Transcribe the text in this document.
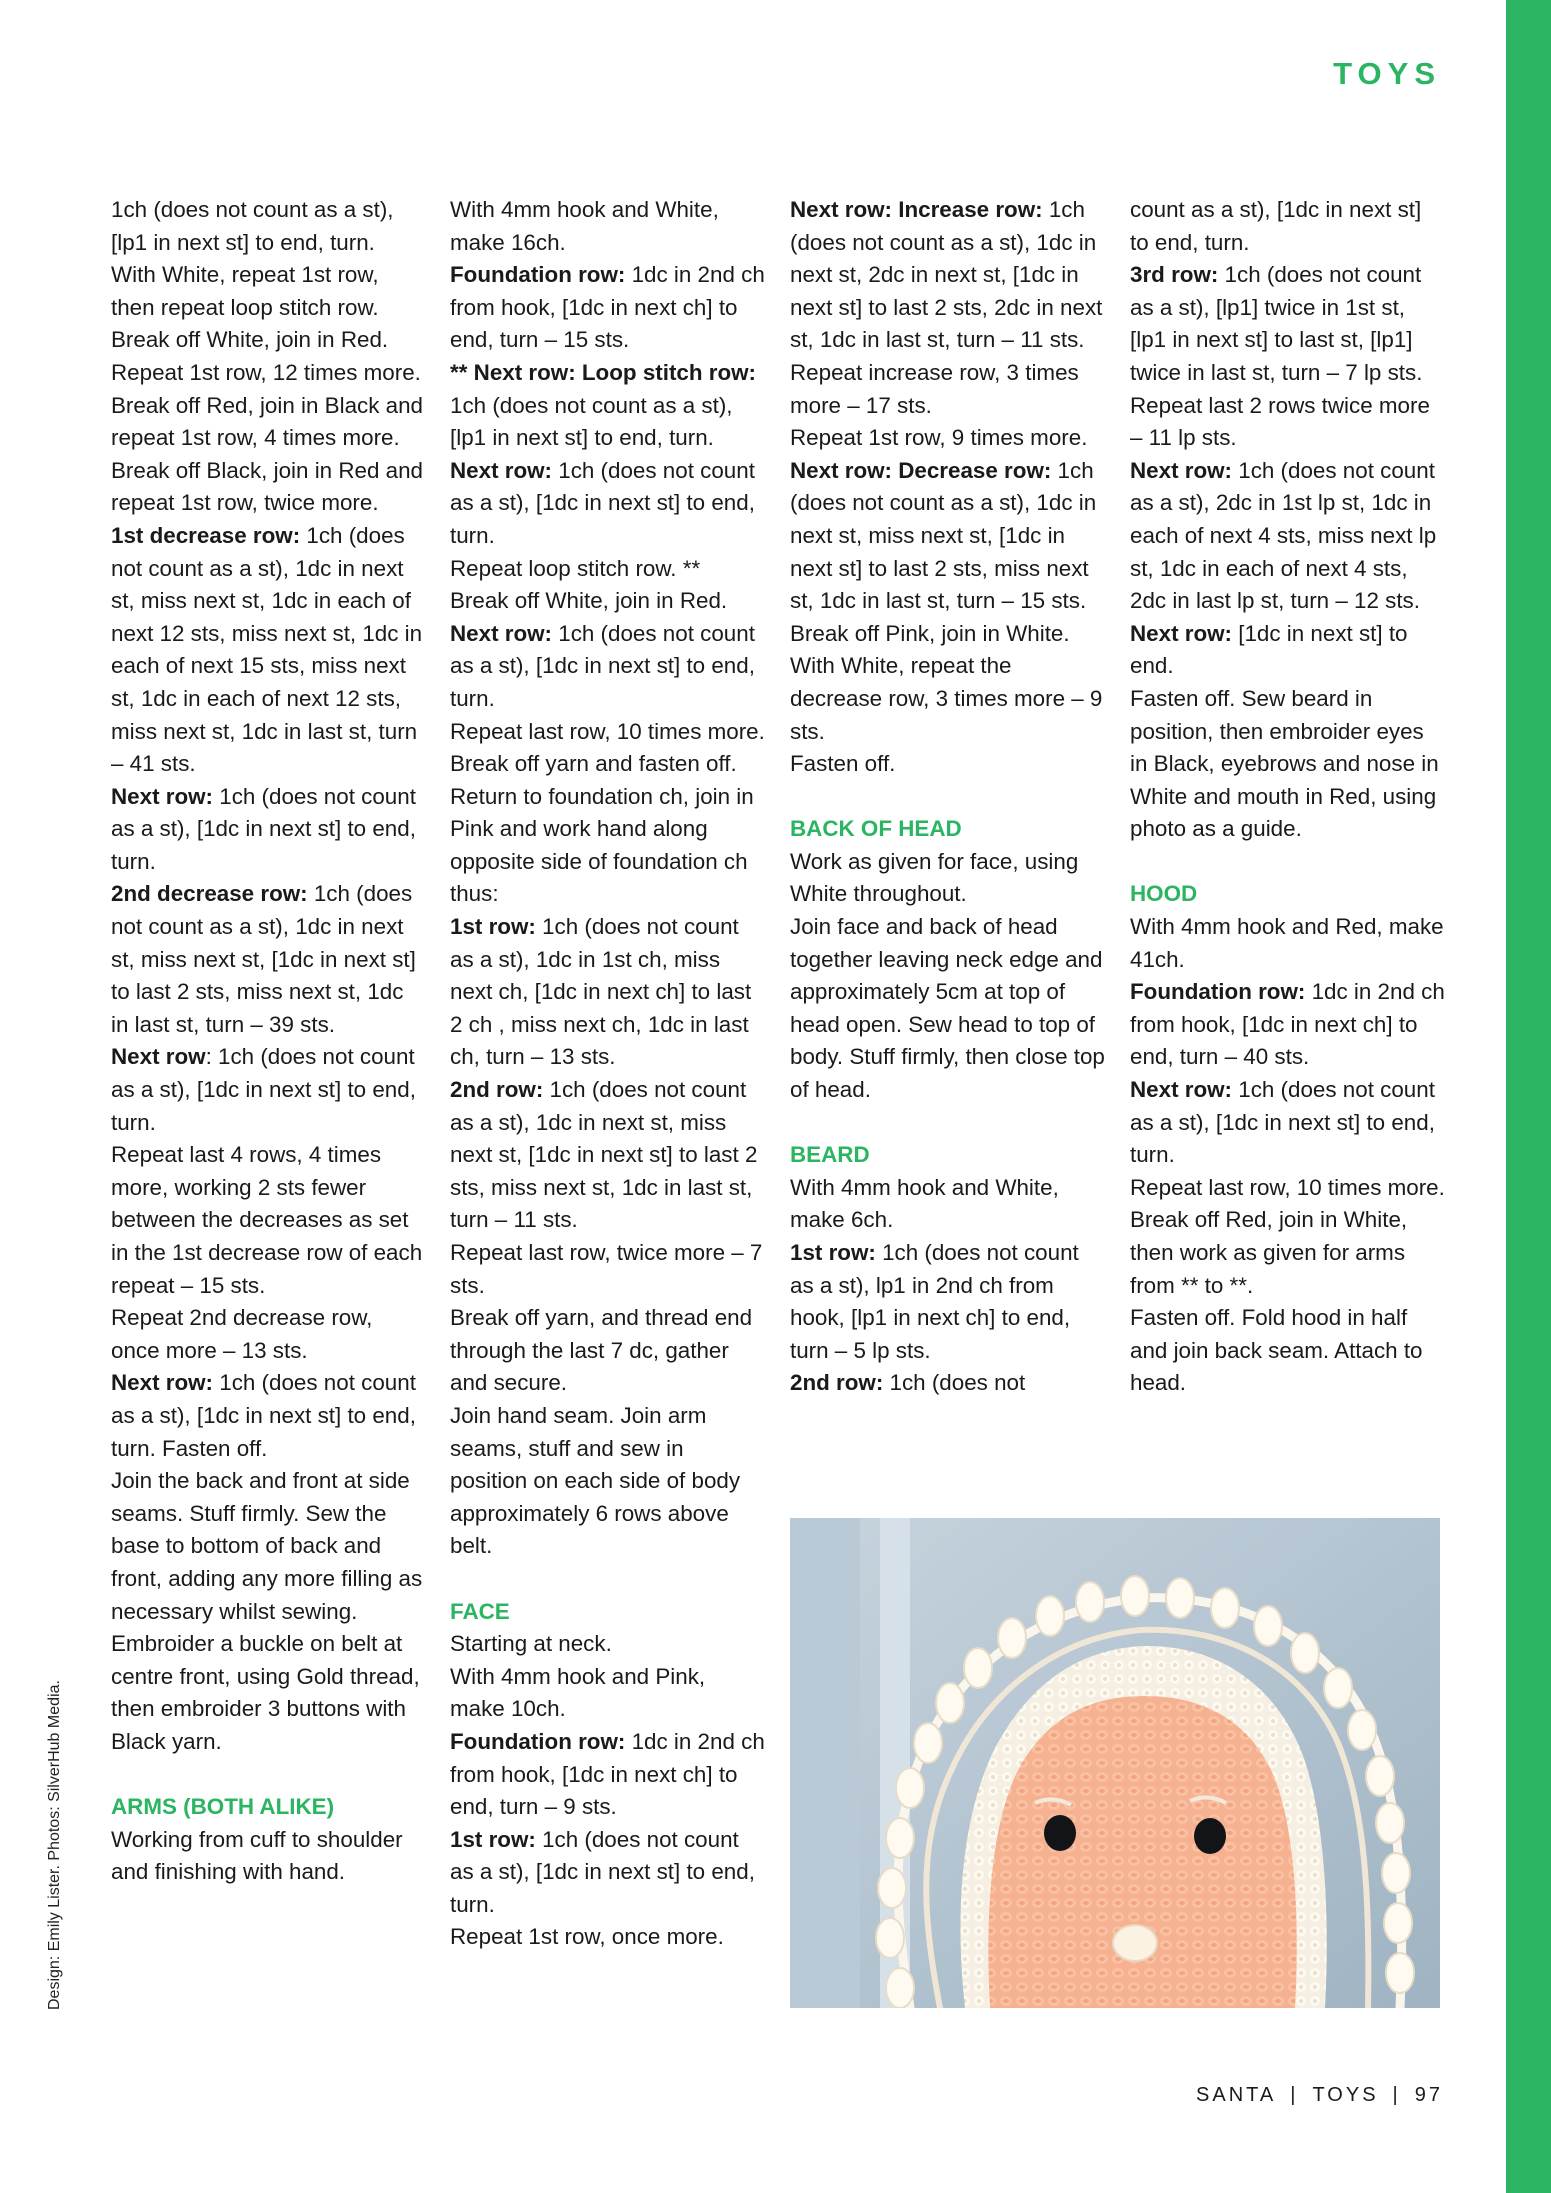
TOYS

1ch (does not count as a st), [lp1 in next st] to end, turn.

With White, repeat 1st row, then repeat loop stitch row.

Break off White, join in Red.

Repeat 1st row, 12 times more.

Break off Red, join in Black and repeat 1st row, 4 times more.

Break off Black, join in Red and repeat 1st row, twice more.

1st decrease row: 1ch (does not count as a st), 1dc in next st, miss next st, 1dc in each of next 12 sts, miss next st, 1dc in each of next 15 sts, miss next st, 1dc in each of next 12 sts, miss next st, 1dc in last st, turn – 41 sts.

Next row: 1ch (does not count as a st), [1dc in next st] to end, turn.

2nd decrease row: 1ch (does not count as a st), 1dc in next st, miss next st, [1dc in next st] to last 2 sts, miss next st, 1dc in last st, turn – 39 sts.

Next row: 1ch (does not count as a st), [1dc in next st] to end, turn.

Repeat last 4 rows, 4 times more, working 2 sts fewer between the decreases as set in the 1st decrease row of each repeat – 15 sts.

Repeat 2nd decrease row, once more – 13 sts.

Next row: 1ch (does not count as a st), [1dc in next st] to end, turn. Fasten off.

Join the back and front at side seams. Stuff firmly. Sew the base to bottom of back and front, adding any more filling as necessary whilst sewing. Embroider a buckle on belt at centre front, using Gold thread, then embroider 3 buttons with Black yarn.

ARMS (BOTH ALIKE)

Working from cuff to shoulder and finishing with hand.

With 4mm hook and White, make 16ch.

Foundation row: 1dc in 2nd ch from hook, [1dc in next ch] to end, turn – 15 sts.

** Next row: Loop stitch row: 1ch (does not count as a st), [lp1 in next st] to end, turn.

Next row: 1ch (does not count as a st), [1dc in next st] to end, turn.

Repeat loop stitch row. **

Break off White, join in Red.

Next row: 1ch (does not count as a st), [1dc in next st] to end, turn.

Repeat last row, 10 times more.

Break off yarn and fasten off.

Return to foundation ch, join in Pink and work hand along opposite side of foundation ch thus:

1st row: 1ch (does not count as a st), 1dc in 1st ch, miss next ch, [1dc in next ch] to last 2 ch , miss next ch, 1dc in last ch, turn – 13 sts.

2nd row: 1ch (does not count as a st), 1dc in next st, miss next st, [1dc in next st] to last 2 sts, miss next st, 1dc in last st, turn – 11 sts.

Repeat last row, twice more – 7 sts.

Break off yarn, and thread end through the last 7 dc, gather and secure.

Join hand seam. Join arm seams, stuff and sew in position on each side of body approximately 6 rows above belt.

FACE

Starting at neck.

With 4mm hook and Pink, make 10ch.

Foundation row: 1dc in 2nd ch from hook, [1dc in next ch] to end, turn – 9 sts.

1st row: 1ch (does not count as a st), [1dc in next st] to end, turn.

Repeat 1st row, once more.

Next row: Increase row: 1ch (does not count as a st), 1dc in next st, 2dc in next st, [1dc in next st] to last 2 sts, 2dc in next st, 1dc in last st, turn – 11 sts.

Repeat increase row, 3 times more – 17 sts.

Repeat 1st row, 9 times more.

Next row: Decrease row: 1ch (does not count as a st), 1dc in next st, miss next st, [1dc in next st] to last 2 sts, miss next st, 1dc in last st, turn – 15 sts.

Break off Pink, join in White.

With White, repeat the decrease row, 3 times more – 9 sts.

Fasten off.

BACK OF HEAD

Work as given for face, using White throughout.

Join face and back of head together leaving neck edge and approximately 5cm at top of head open. Sew head to top of body. Stuff firmly, then close top of head.

BEARD

With 4mm hook and White, make 6ch.

1st row: 1ch (does not count as a st), lp1 in 2nd ch from hook, [lp1 in next ch] to end, turn – 5 lp sts.

2nd row: 1ch (does not

count as a st), [1dc in next st] to end, turn.

3rd row: 1ch (does not count as a st), [lp1] twice in 1st st, [lp1 in next st] to last st, [lp1] twice in last st, turn – 7 lp sts.

Repeat last 2 rows twice more – 11 lp sts.

Next row: 1ch (does not count as a st), 2dc in 1st lp st, 1dc in each of next 4 sts, miss next lp st, 1dc in each of next 4 sts, 2dc in last lp st, turn – 12 sts.

Next row: [1dc in next st] to end.

Fasten off. Sew beard in position, then embroider eyes in Black, eyebrows and nose in White and mouth in Red, using photo as a guide.

HOOD

With 4mm hook and Red, make 41ch.

Foundation row: 1dc in 2nd ch from hook, [1dc in next ch] to end, turn – 40 sts.

Next row: 1ch (does not count as a st), [1dc in next st] to end, turn.

Repeat last row, 10 times more.

Break off Red, join in White, then work as given for arms from ** to **.

Fasten off. Fold hood in half and join back seam. Attach to head.

Design: Emily Lister. Photos: SilverHub Media.
SANTA | TOYS | 97
